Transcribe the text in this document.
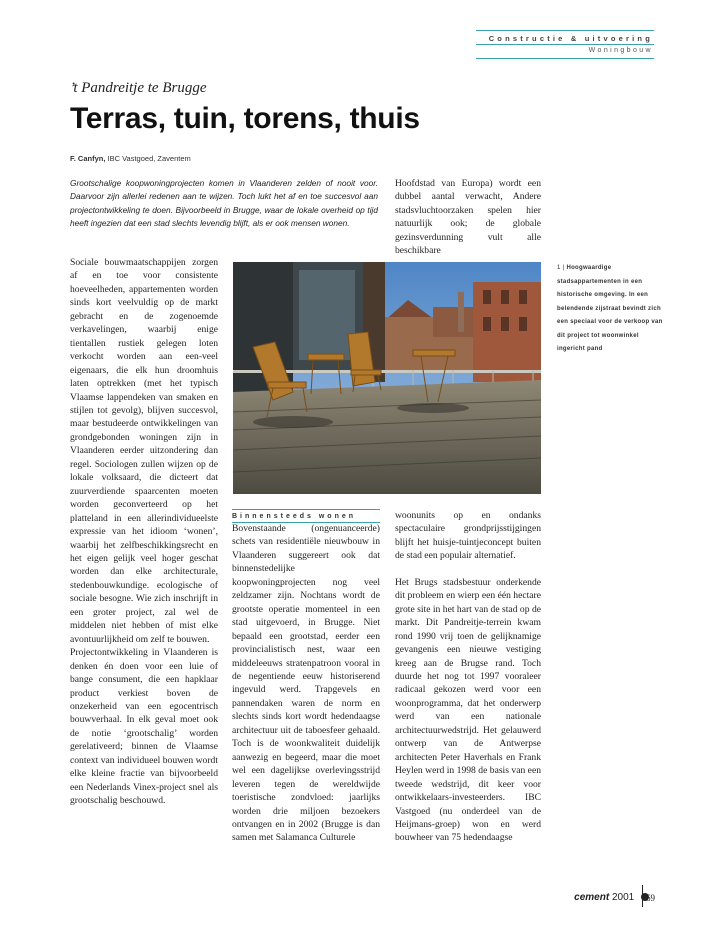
Constructie & uitvoering
Woningbouw
’t Pandreitje te Brugge
Terras, tuin, torens, thuis
F. Canfyn, IBC Vastgoed, Zaventem
Grootschalige koopwoningprojecten komen in Vlaanderen zelden of nooit voor. Daarvoor zijn allerlei redenen aan te wijzen. Toch lukt het af en toe succesvol aan projectontwikkeling te doen. Bijvoorbeeld in Brugge, waar de lokale overheid op tijd heeft ingezien dat een stad slechts levendig blijft, als er ook mensen wonen.

Hoofdstad van Europa) wordt een dubbel aantal verwacht, Andere stadsvluchtoorzaken spelen hier natuurlijk ook; de globale gezinsverdunning vult alle beschikbare

Sociale bouwmaatschappijen zorgen af en toe voor consistente hoeveelheden, appartementen worden sinds kort veelvuldig op de markt gebracht en de zogenoemde verkavelingen, waarbij enige tientallen rustiek gelegen loten verkocht worden aan een-veel eigenaars, die elk hun droomhuis laten optrekken (met het typisch Vlaamse lappendeken van smaken en stijlen tot gevolg), blijven succesvol, maar bestudeerde ontwikkelingen van grondgebonden woningen zijn in Vlaanderen eerder uitzondering dan regel. Sociologen zullen wijzen op de lokale volksaard, die dicteert dat zuurverdiende spaarcenten moeten worden geconverteerd op het platteland in een allerindividueelste expressie van het idioom ‘wonen’, waarbij het zelfbeschikkingsrecht en het eigen gelijk veel hoger geschat worden dan elke architecturale, stedenbouwkundige. ecologische of sociale besogne. Wie zich inschrijft in een groter project, zal wel de middelen niet hebben of mist elke avontuurlijkheid om zelf te bouwen.

Projectontwikkeling in Vlaanderen is denken én doen voor een luie of bange consument, die een hapklaar product verkiest boven de onzekerheid van een egocentrisch bouwverhaal. In elk geval moet ook de notie ‘grootschalig’ worden gerelativeerd; binnen de Vlaamse context van individueel bouwen wordt elke kleine fractie van bijvoorbeeld een Nederlands Vinex-project snel als grootschalig beschouwd.

1 | Hoogwaardige stadsappartementen in een historische omgeving. In een belendende zijstraat bevindt zich een speciaal voor de verkoop van dit project tot woonwinkel ingericht pand
Binnensteeds wonen

Bovenstaande (ongenuanceerde) schets van residentiële nieuwbouw in Vlaanderen suggereert ook dat binnenstedelijke koopwoningprojecten nog veel zeldzamer zijn. Nochtans wordt de grootste operatie momenteel in een stad uitgevoerd, in Brugge. Niet bepaald een grootstad, eerder een provincialistisch nest, waar een middeleeuws stratenpatroon vooral in de negentiende eeuw historiserend ingevuld werd. Trapgevels en pannendaken waren de norm en slechts sinds kort wordt hedendaagse architectuur uit de taboesfeer gehaald. Toch is de woonkwaliteit duidelijk aanwezig en begeerd, maar die moet wel een dagelijkse overlevingsstrijd leveren tegen de wereldwijde toeristische zondvloed: jaarlijks worden drie miljoen bezoekers ontvangen en in 2002 (Brugge is dan samen met Salamanca Culturele

woonunits op en ondanks spectaculaire grondprijsstijgingen blijft het huisje-tuintjeconcept buiten de stad een populair alternatief.

Het Brugs stadsbestuur onderkende dit probleem en wierp een één hectare grote site in het hart van de stad op de markt. Dit Pandreitje-terrein kwam rond 1990 vrij toen de gelijknamige gevangenis een nieuwe vestiging kreeg aan de Brugse rand. Toch duurde het nog tot 1997 vooraleer radicaal gekozen werd voor een woonprogramma, dat het onderwerp werd van een nationale architectuurwedstrijd. Het gelauwerd ontwerp van de Antwerpse architecten Peter Haverhals en Frank Heylen werd in 1998 de basis van een tweede wedstrijd, dit keer voor ontwikkelaars-investeerders. IBC Vastgoed (nu onderdeel van de Heijmans-groep) won en werd bouwheer van 75 hedendaagse

cement 2001	69
